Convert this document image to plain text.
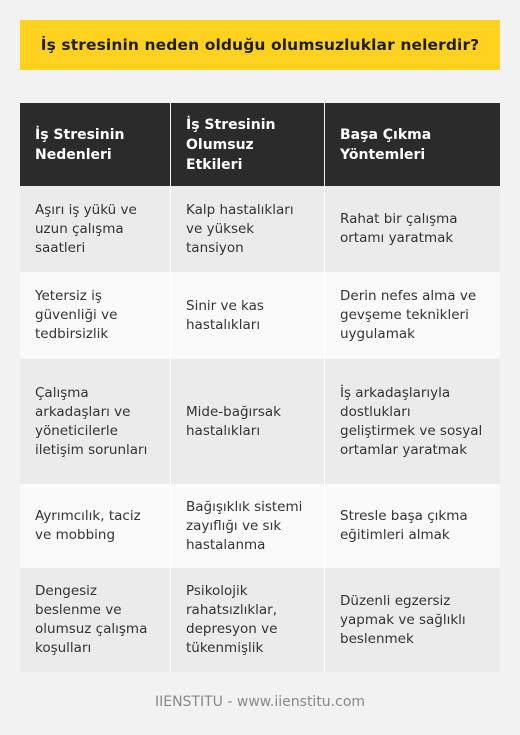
İş stresinin neden olduğu olumsuzluklar nelerdir?
İş Stresinin Nedenleri
İş Stresinin Olumsuz Etkileri
Başa Çıkma Yöntemleri
Aşırı iş yükü ve uzun çalışma saatleri
Kalp hastalıkları ve yüksek tansiyon
Rahat bir çalışma ortamı yaratmak
Yetersiz iş güvenliği ve tedbirsizlik
Sinir ve kas hastalıkları
Derin nefes alma ve gevşeme teknikleri uygulamak
Çalışma arkadaşları ve yöneticilerle iletişim sorunları
Mide-bağırsak hastalıkları
İş arkadaşlarıyla dostlukları geliştirmek ve sosyal ortamlar yaratmak
Ayrımcılık, taciz ve mobbing
Bağışıklık sistemi zayıflığı ve sık hastalanma
Stresle başa çıkma eğitimleri almak
Dengesiz beslenme ve olumsuz çalışma koşulları
Psikolojik rahatsızlıklar, depresyon ve tükenmişlik
Düzenli egzersiz yapmak ve sağlıklı beslenmek
IIENSTITU - www.iienstitu.com
